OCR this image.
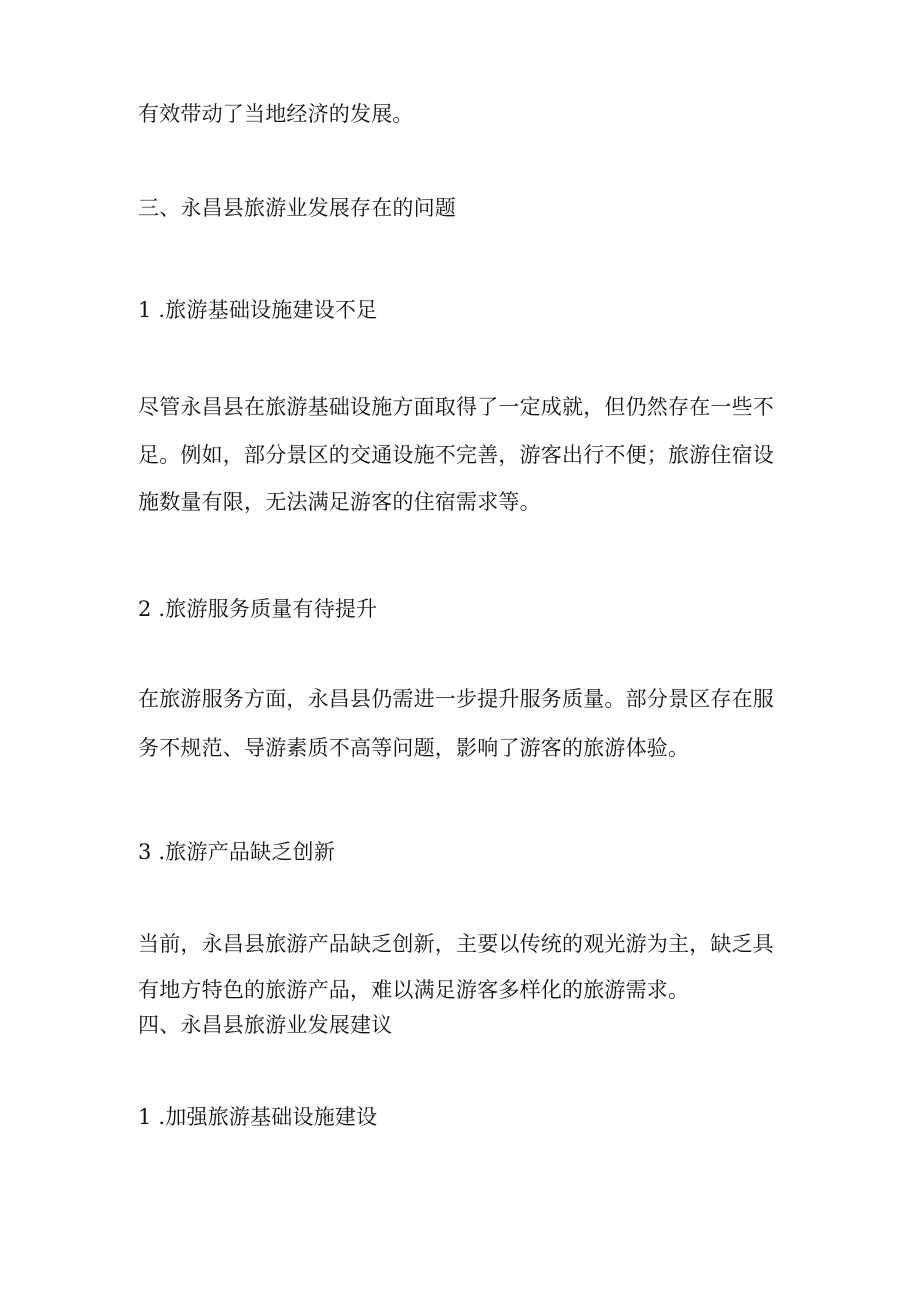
有效带动了当地经济的发展。
三、永昌县旅游业发展存在的问题
1 .旅游基础设施建设不足
尽管永昌县在旅游基础设施方面取得了一定成就，但仍然存在一些不
足。例如，部分景区的交通设施不完善，游客出行不便；旅游住宿设
施数量有限，无法满足游客的住宿需求等。
2 .旅游服务质量有待提升
在旅游服务方面，永昌县仍需进一步提升服务质量。部分景区存在服
务不规范、导游素质不高等问题，影响了游客的旅游体验。
3 .旅游产品缺乏创新
当前，永昌县旅游产品缺乏创新，主要以传统的观光游为主，缺乏具
有地方特色的旅游产品，难以满足游客多样化的旅游需求。
四、永昌县旅游业发展建议
1 .加强旅游基础设施建设
